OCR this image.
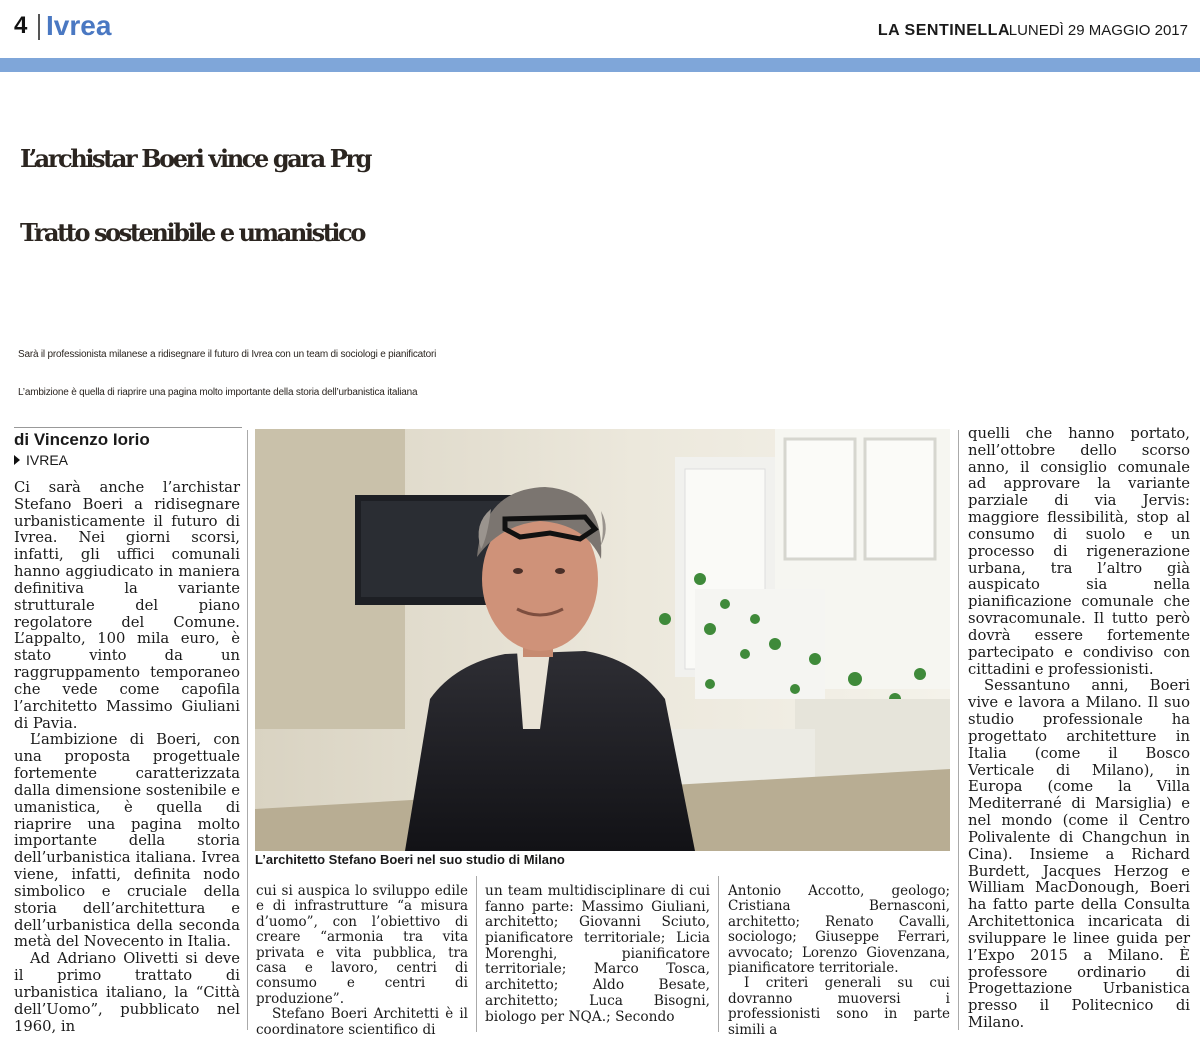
4 Ivrea	LA SENTINELLA
LUNEDÌ 29 MAGGIO 2017
L’archistar Boeri vince gara Prg
Tratto sostenibile e umanistico
Sarà il professionista milanese a ridisegnare il futuro di Ivrea con un team di sociologi e pianificatori
L’ambizione è quella di riaprire una pagina molto importante della storia dell’urbanistica italiana
di Vincenzo Iorio
IVREA

Ci sarà anche l’archistar Stefano Boeri a ridisegnare urbanisticamente il futuro di Ivrea. Nei giorni scorsi, infatti, gli uffici comunali hanno aggiudicato in maniera definitiva la variante strutturale del piano regolatore del Comune. L’appalto, 100 mila euro, è stato vinto da un raggruppamento temporaneo che vede come capofila l’architetto Massimo Giuliani di Pavia.

L’ambizione di Boeri, con una proposta progettuale fortemente caratterizzata dalla dimensione sostenibile e umanistica, è quella di riaprire una pagina molto importante della storia dell’urbanistica italiana. Ivrea viene, infatti, definita nodo simbolico e cruciale della storia dell’architettura e dell’urbanistica della seconda metà del Novecento in Italia.

Ad Adriano Olivetti si deve il primo trattato di urbanistica italiano, la “Città dell’Uomo”, pubblicato nel 1960, in

L’architetto Stefano Boeri nel suo studio di Milano

cui si auspica lo sviluppo edile e di infrastrutture “a misura d’uomo”, con l’obiettivo di creare “armonia tra vita privata e vita pubblica, tra casa e lavoro, centri di consumo e centri di produzione”.

Stefano Boeri Architetti è il coordinatore scientifico di

un team multidisciplinare di cui fanno parte: Massimo Giuliani, architetto; Giovanni Sciuto, pianificatore territoriale; Licia Morenghi, pianificatore territoriale; Marco Tosca, architetto; Aldo Besate, architetto; Luca Bisogni, biologo per NQA.; Secondo

Antonio Accotto, geologo; Cristiana Bernasconi, architetto; Renato Cavalli, sociologo; Giuseppe Ferrari, avvocato; Lorenzo Giovenzana, pianificatore territoriale.

I criteri generali su cui dovranno muoversi i professionisti sono in parte simili a

quelli che hanno portato, nell’ottobre dello scorso anno, il consiglio comunale ad approvare la variante parziale di via Jervis: maggiore flessibilità, stop al consumo di suolo e un processo di rigenerazione urbana, tra l’altro già auspicato sia nella pianificazione comunale che sovracomunale. Il tutto però dovrà essere fortemente partecipato e condiviso con cittadini e professionisti.

Sessantuno anni, Boeri vive e lavora a Milano. Il suo studio professionale ha progettato architetture in Italia (come il Bosco Verticale di Milano), in Europa (come la Villa Mediterrané di Marsiglia) e nel mondo (come il Centro Polivalente di Changchun in Cina). Insieme a Richard Burdett, Jacques Herzog e William MacDonough, Boeri ha fatto parte della Consulta Architettonica incaricata di sviluppare le linee guida per l’Expo 2015 a Milano. È professore ordinario di Progettazione Urbanistica presso il Politecnico di Milano.
